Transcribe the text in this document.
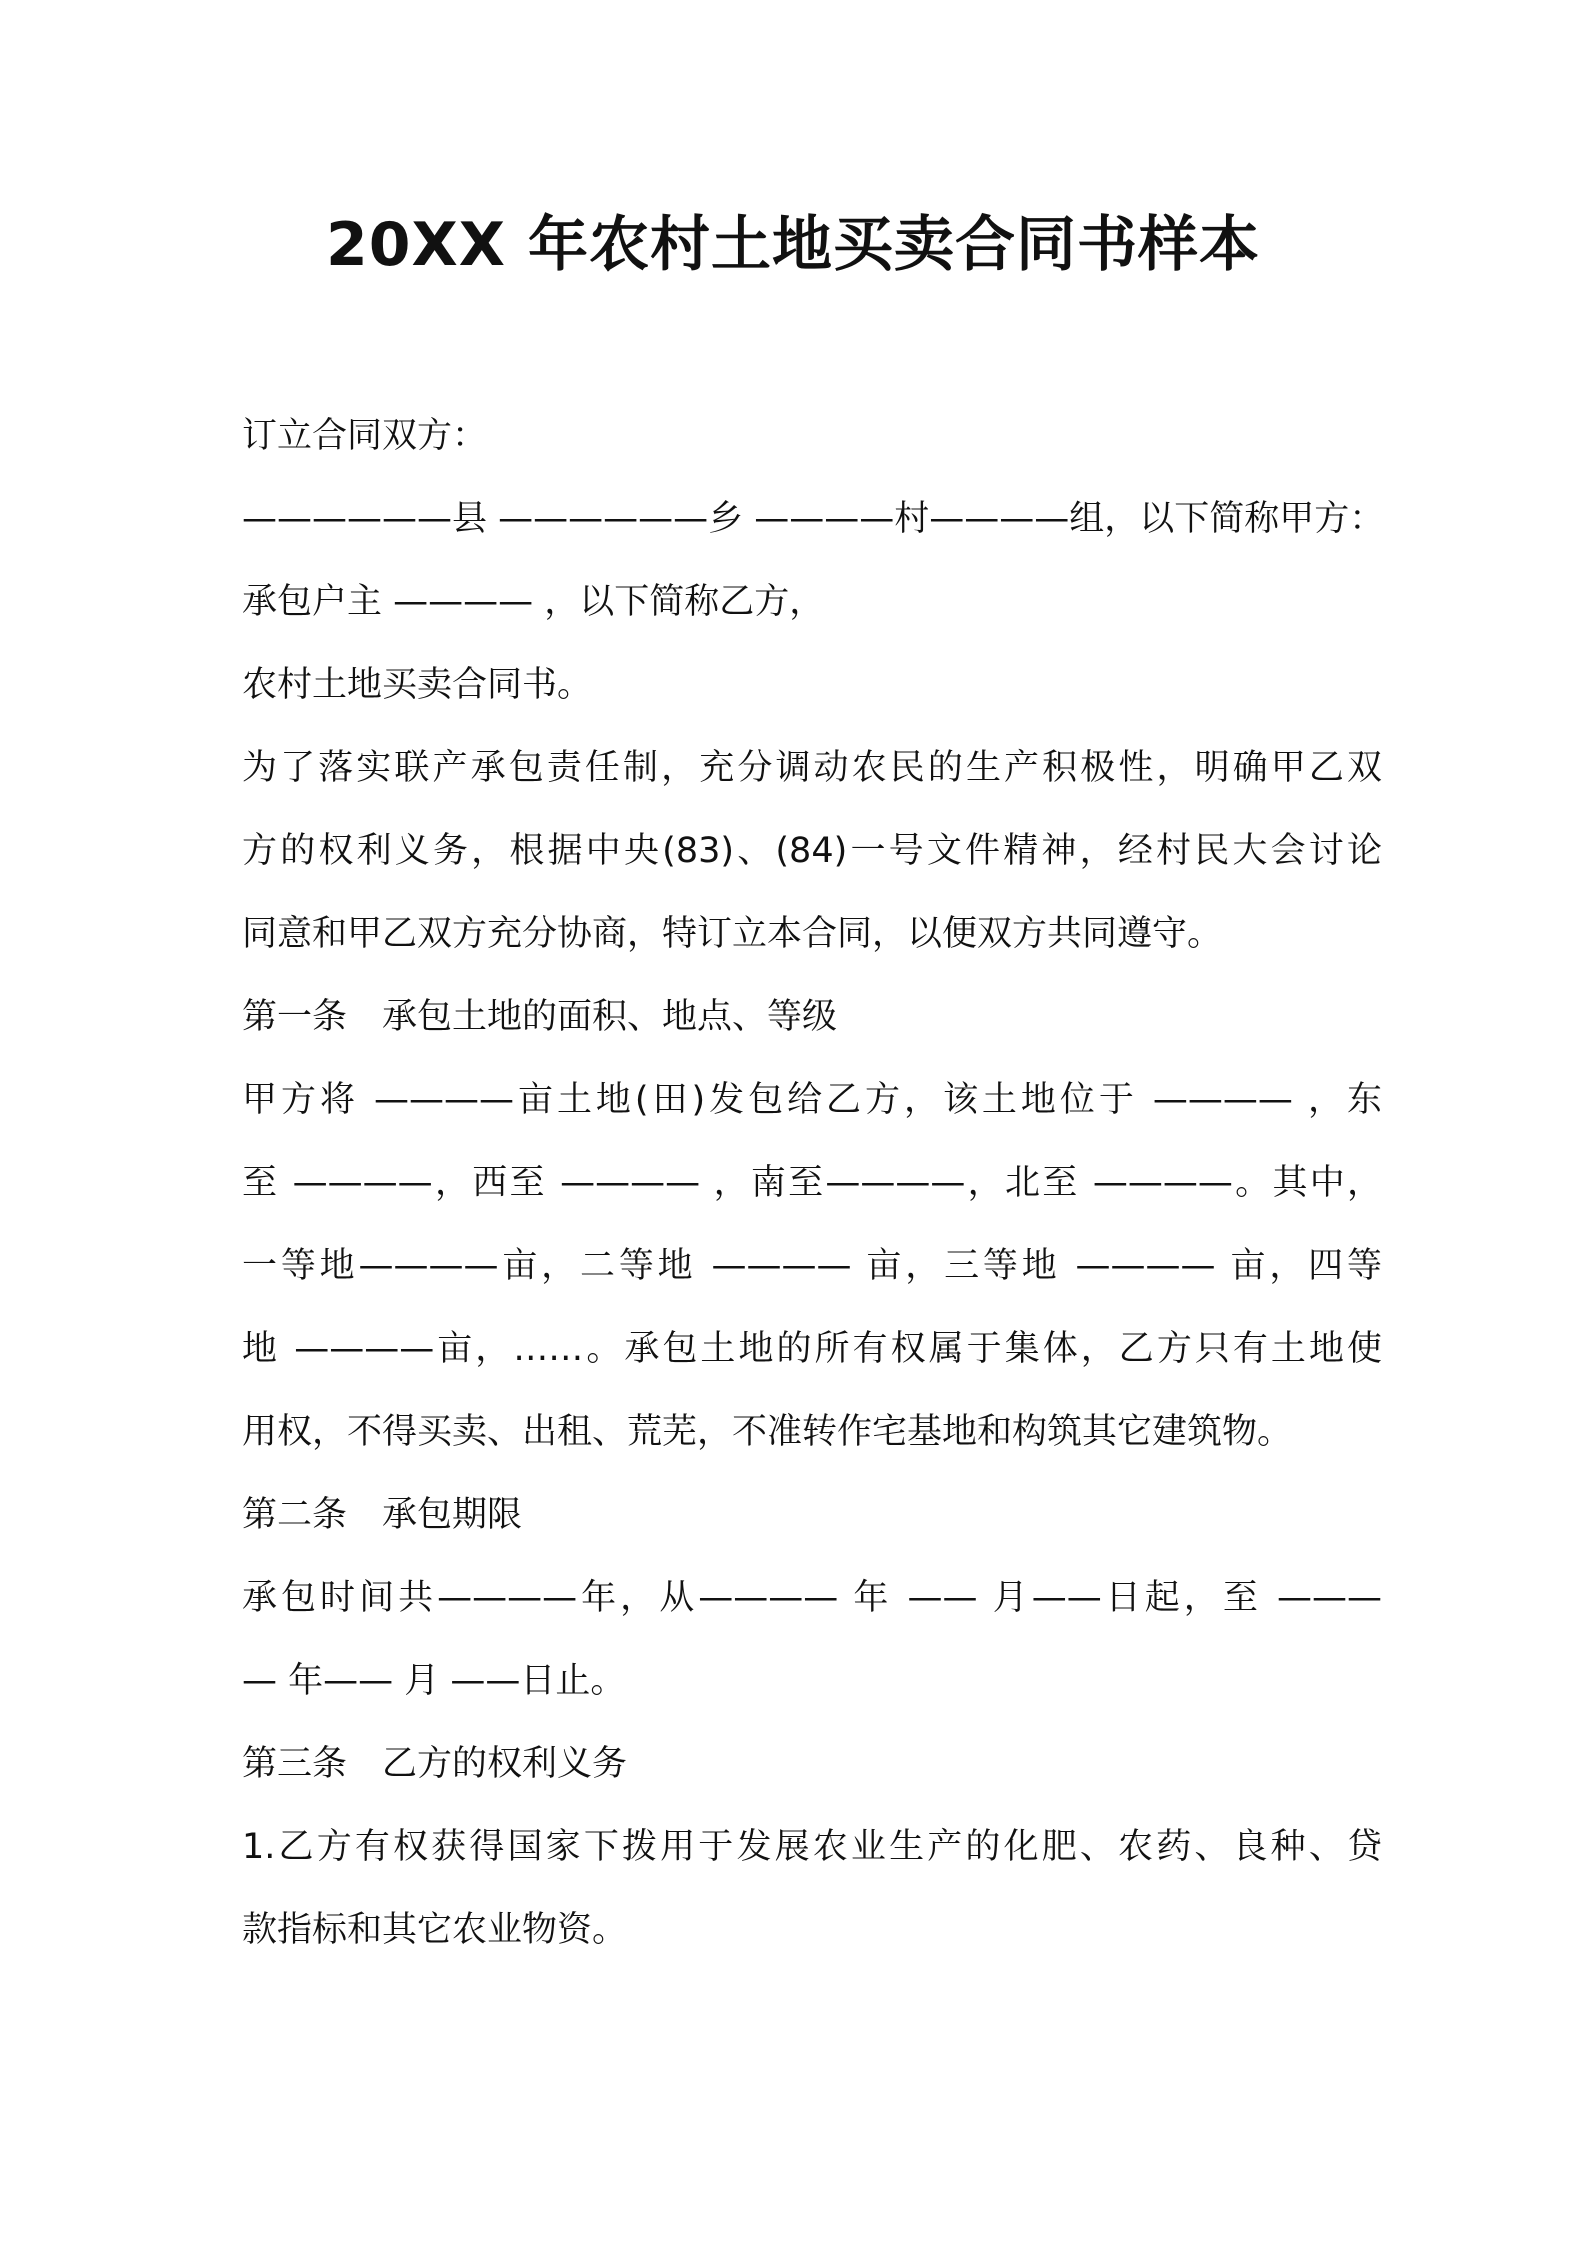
20XX 年农村土地买卖合同书样本
订立合同双方：
——————县 ——————乡 ————村————组，以下简称甲方：
承包户主 ———— ，以下简称乙方，
农村土地买卖合同书。
为了落实联产承包责任制，充分调动农民的生产积极性，明确甲乙双
方的权利义务，根据中央(83)、(84)一号文件精神，经村民大会讨论
同意和甲乙双方充分协商，特订立本合同，以便双方共同遵守。
第一条　承包土地的面积、地点、等级
甲方将 ————亩土地(田)发包给乙方，该土地位于 ———— ，东
至 ————，西至 ———— ，南至————，北至 ————。其中，
一等地————亩，二等地 ———— 亩，三等地 ———— 亩，四等
地 ————亩，……。承包土地的所有权属于集体，乙方只有土地使
用权，不得买卖、出租、荒芜，不准转作宅基地和构筑其它建筑物。
第二条　承包期限
承包时间共————年，从———— 年 —— 月——日起，至 ———
— 年—— 月 ——日止。
第三条　乙方的权利义务
1.乙方有权获得国家下拨用于发展农业生产的化肥、农药、良种、贷
款指标和其它农业物资。
